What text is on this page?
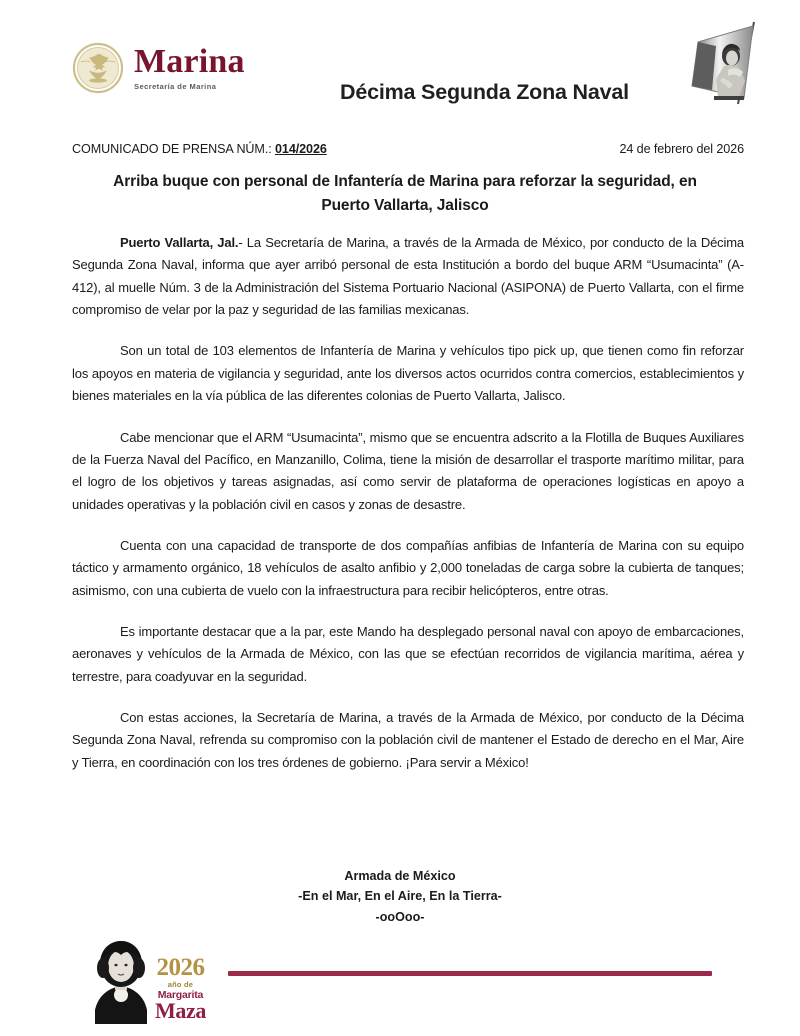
Marina
Secretaría de Marina	Décima Segunda Zona Naval
COMUNICADO DE PRENSA NÚM.: 014/2026	24 de febrero del 2026
Arriba buque con personal de Infantería de Marina para reforzar la seguridad, en Puerto Vallarta, Jalisco

Puerto Vallarta, Jal.- La Secretaría de Marina, a través de la Armada de México, por conducto de la Décima Segunda Zona Naval, informa que ayer arribó personal de esta Institución a bordo del buque ARM “Usumacinta” (A-412), al muelle Núm. 3 de la Administración del Sistema Portuario Nacional (ASIPONA) de Puerto Vallarta, con el firme compromiso de velar por la paz y seguridad de las familias mexicanas.

Son un total de 103 elementos de Infantería de Marina y vehículos tipo pick up, que tienen como fin reforzar los apoyos en materia de vigilancia y seguridad, ante los diversos actos ocurridos contra comercios, establecimientos y bienes materiales en la vía pública de las diferentes colonias de Puerto Vallarta, Jalisco.

Cabe mencionar que el ARM “Usumacinta”, mismo que se encuentra adscrito a la Flotilla de Buques Auxiliares de la Fuerza Naval del Pacífico, en Manzanillo, Colima, tiene la misión de desarrollar el trasporte marítimo militar, para el logro de los objetivos y tareas asignadas, así como servir de plataforma de operaciones logísticas en apoyo a unidades operativas y la población civil en casos y zonas de desastre.

Cuenta con una capacidad de transporte de dos compañías anfibias de Infantería de Marina con su equipo táctico y armamento orgánico, 18 vehículos de asalto anfibio y 2,000 toneladas de carga sobre la cubierta de tanques; asimismo, con una cubierta de vuelo con la infraestructura para recibir helicópteros, entre otras.

Es importante destacar que a la par, este Mando ha desplegado personal naval con apoyo de embarcaciones, aeronaves y vehículos de la Armada de México, con las que se efectúan recorridos de vigilancia marítima, aérea y terrestre, para coadyuvar en la seguridad.

Con estas acciones, la Secretaría de Marina, a través de la Armada de México, por conducto de la Décima Segunda Zona Naval, refrenda su compromiso con la población civil de mantener el Estado de derecho en el Mar, Aire y Tierra, en coordinación con los tres órdenes de gobierno. ¡Para servir a México!

Armada de México
-En el Mar, En el Aire, En la Tierra-
-ooOoo-
2026
año de
Margarita
Maza
